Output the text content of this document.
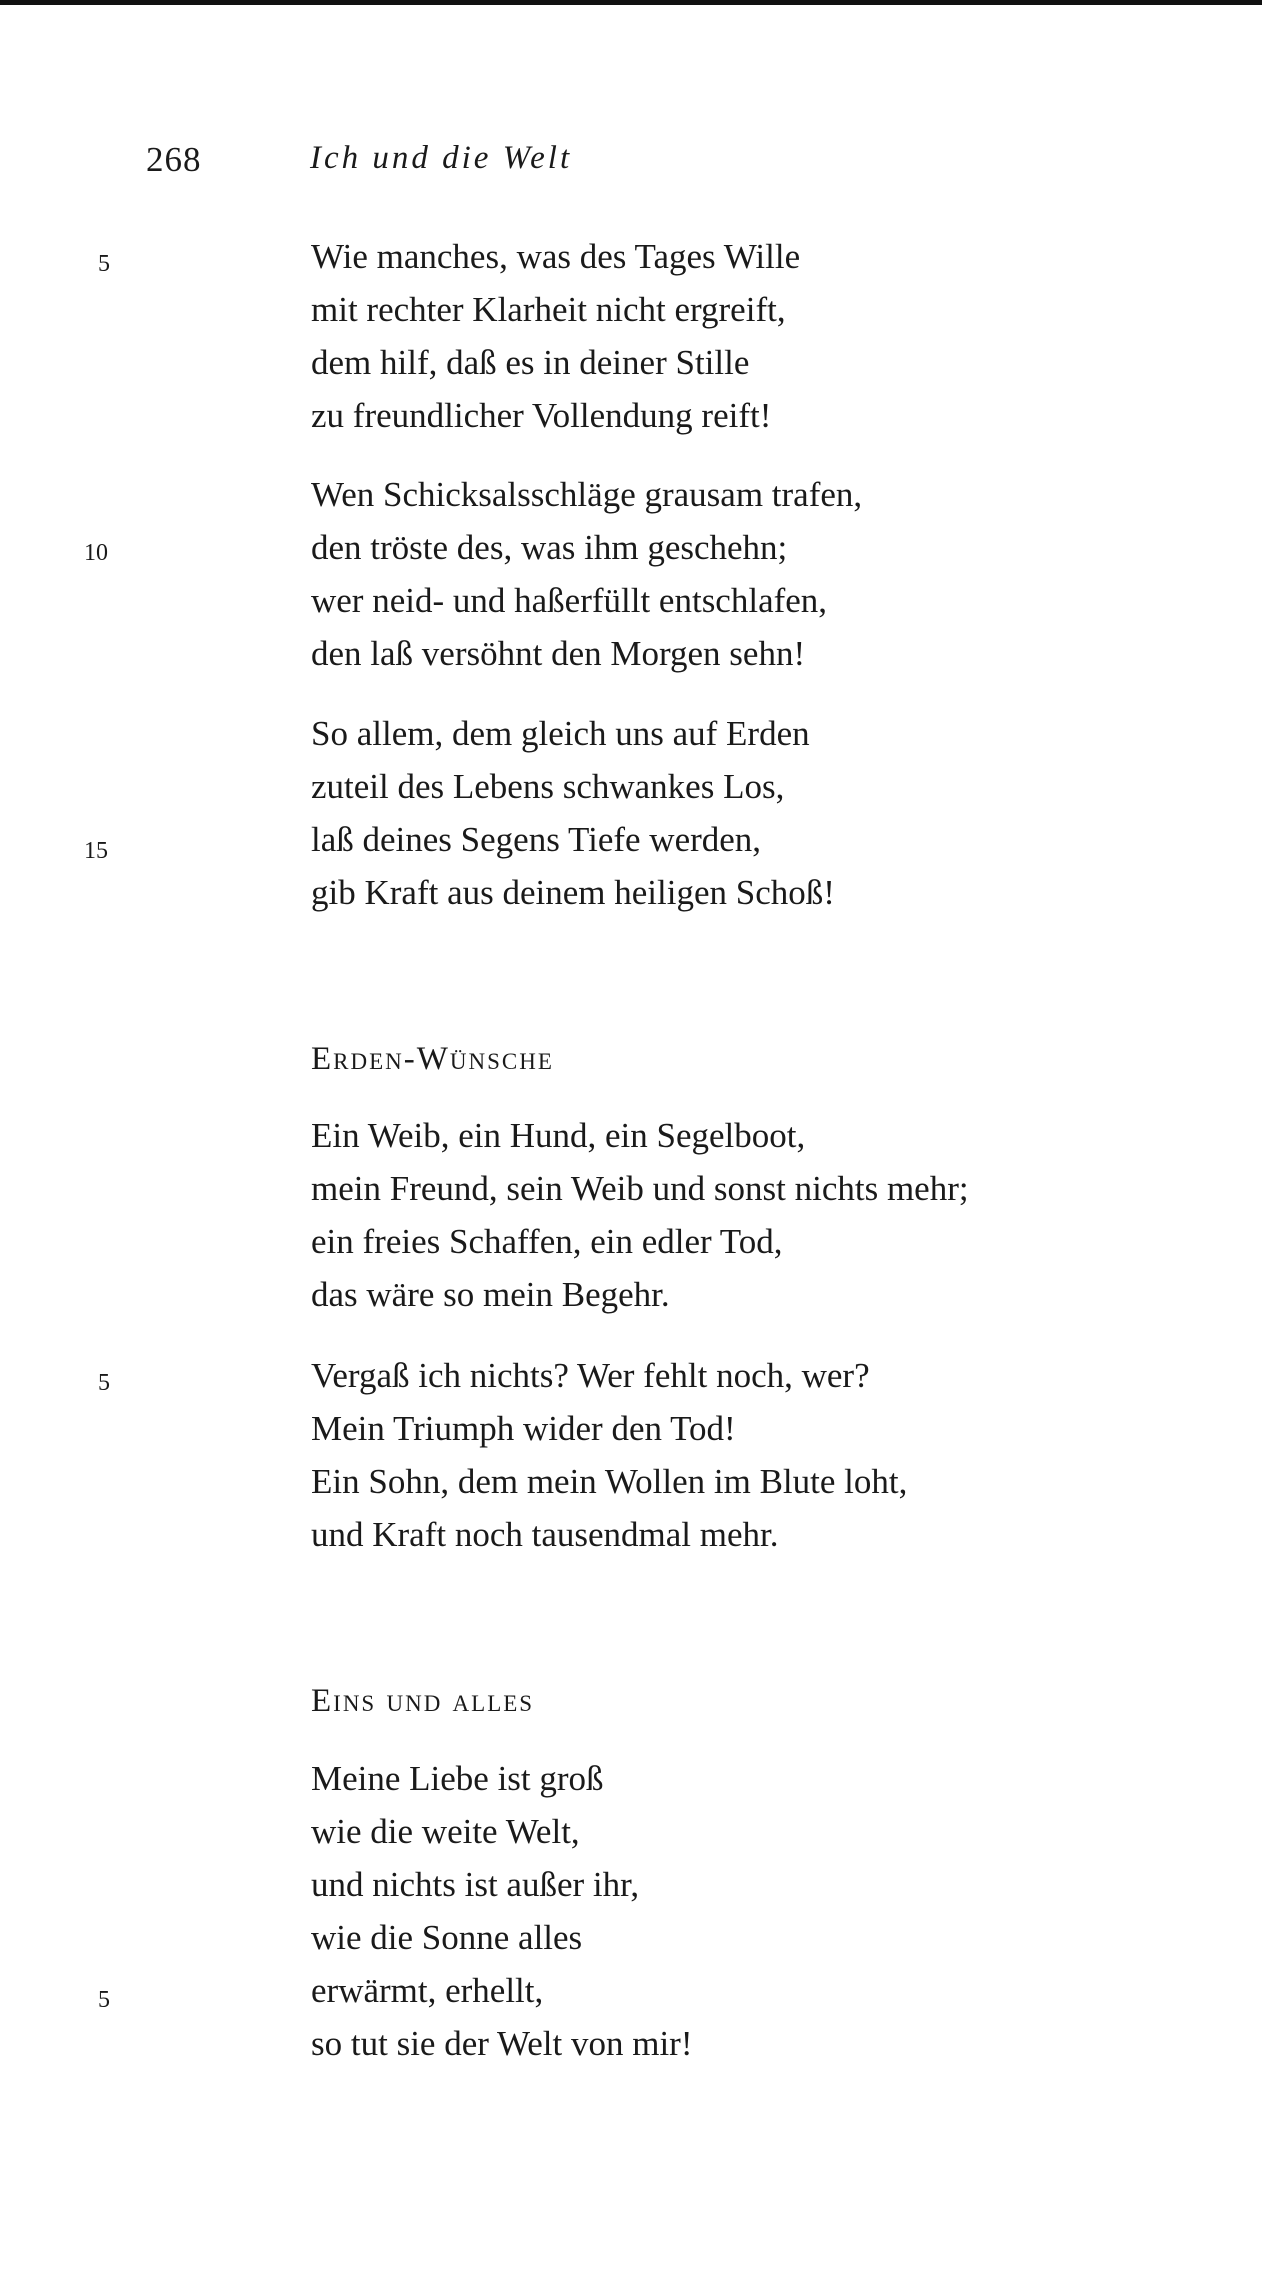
268	Ich und die Welt
5
10
15
Wie manches, was des Tages Wille
mit rechter Klarheit nicht ergreift,
dem hilf, daß es in deiner Stille
zu freundlicher Vollendung reift!
Wen Schicksalsschläge grausam trafen,
den tröste des, was ihm geschehn;
wer neid- und haßerfüllt entschlafen,
den laß versöhnt den Morgen sehn!
So allem, dem gleich uns auf Erden
zuteil des Lebens schwankes Los,
laß deines Segens Tiefe werden,
gib Kraft aus deinem heiligen Schoß!
Erden-Wünsche
5
Ein Weib, ein Hund, ein Segelboot,
mein Freund, sein Weib und sonst nichts mehr;
ein freies Schaffen, ein edler Tod,
das wäre so mein Begehr.
Vergaß ich nichts? Wer fehlt noch, wer?
Mein Triumph wider den Tod!
Ein Sohn, dem mein Wollen im Blute loht,
und Kraft noch tausendmal mehr.
Eins und alles
5
Meine Liebe ist groß
wie die weite Welt,
und nichts ist außer ihr,
wie die Sonne alles
erwärmt, erhellt,
so tut sie der Welt von mir!
